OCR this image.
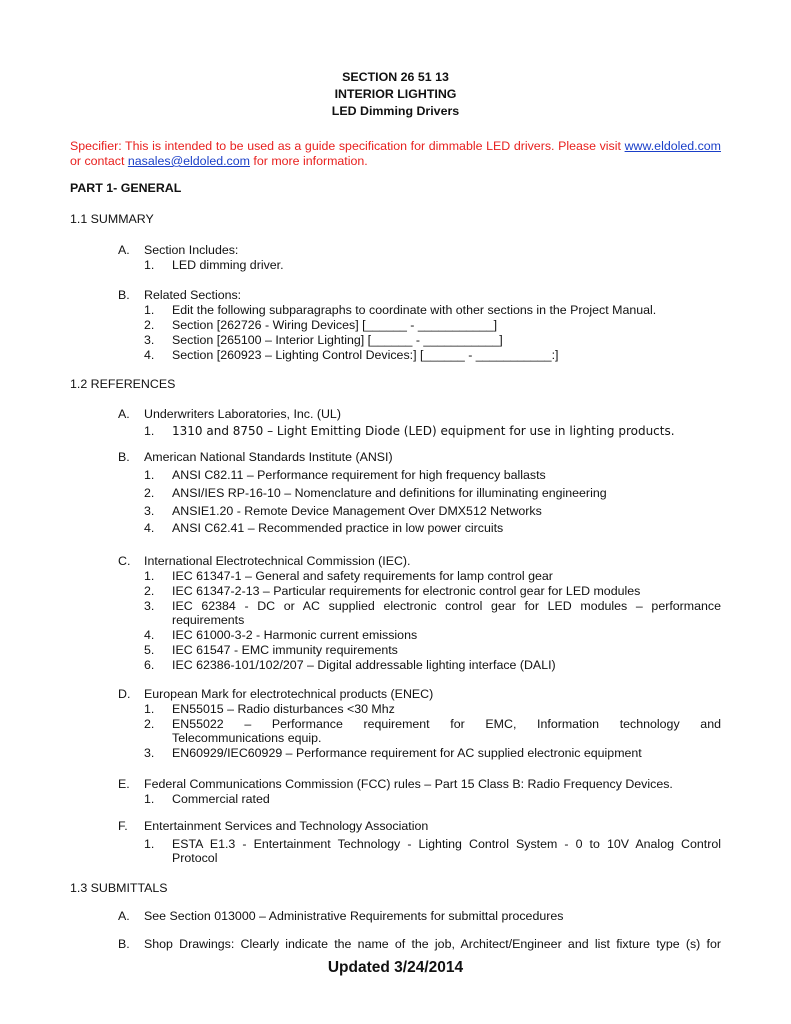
SECTION 26 51 13
INTERIOR LIGHTING
LED Dimming Drivers
Specifier: This is intended to be used as a guide specification for dimmable LED drivers. Please visit www.eldoled.com or contact nasales@eldoled.com for more information.
PART 1- GENERAL
1.1 SUMMARY
A. Section Includes:
1. LED dimming driver.
B. Related Sections:
1. Edit the following subparagraphs to coordinate with other sections in the Project Manual.
2. Section [262726 - Wiring Devices] [______ - ___________]
3. Section [265100 – Interior Lighting] [______ - ___________]
4. Section [260923 – Lighting Control Devices:] [______ - ___________:]
1.2 REFERENCES
A. Underwriters Laboratories, Inc. (UL)
1. 1310 and 8750 – Light Emitting Diode (LED) equipment for use in lighting products.
B. American National Standards Institute (ANSI)
1. ANSI C82.11 – Performance requirement for high frequency ballasts
2. ANSI/IES RP-16-10 – Nomenclature and definitions for illuminating engineering
3. ANSIE1.20 - Remote Device Management Over DMX512 Networks
4. ANSI C62.41 – Recommended practice in low power circuits
C. International Electrotechnical Commission (IEC).
1. IEC 61347-1 – General and safety requirements for lamp control gear
2. IEC 61347-2-13 – Particular requirements for electronic control gear for LED modules
3. IEC 62384 - DC or AC supplied electronic control gear for LED modules – performance
requirements
4. IEC 61000-3-2 - Harmonic current emissions
5. IEC 61547 - EMC immunity requirements
6. IEC 62386-101/102/207 – Digital addressable lighting interface (DALI)
D. European Mark for electrotechnical products (ENEC)
1. EN55015 – Radio disturbances <30 Mhz
2. EN55022 – Performance requirement for EMC, Information technology and
Telecommunications equip.
3. EN60929/IEC60929 – Performance requirement for AC supplied electronic equipment
E. Federal Communications Commission (FCC) rules – Part 15 Class B: Radio Frequency Devices.
1. Commercial rated
F. Entertainment Services and Technology Association
1. ESTA E1.3 - Entertainment Technology - Lighting Control System - 0 to 10V Analog Control
Protocol
1.3 SUBMITTALS
A. See Section 013000 – Administrative Requirements for submittal procedures
B. Shop Drawings: Clearly indicate the name of the job, Architect/Engineer and list fixture type (s) for
Updated 3/24/2014
